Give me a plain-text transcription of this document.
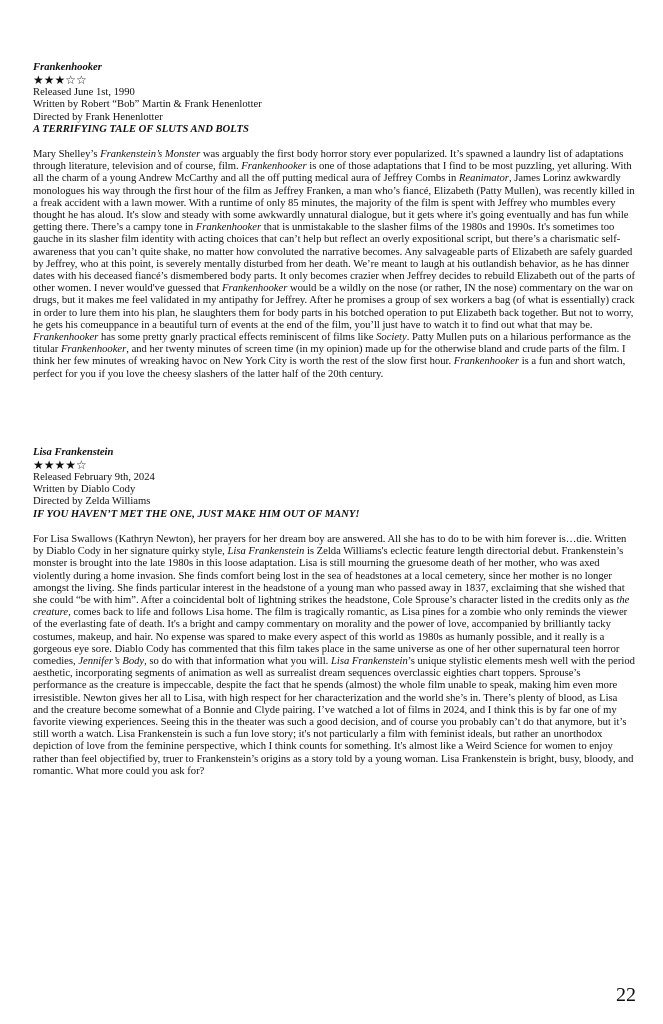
Frankenhooker
★★★☆☆
Released June 1st, 1990
Written by Robert “Bob” Martin & Frank Henenlotter
Directed by Frank Henenlotter
A TERRIFYING TALE OF SLUTS AND BOLTS

Mary Shelley’s Frankenstein’s Monster was arguably the first body horror story ever popularized. It’s spawned a laundry list of adaptations through literature, television and of course, film. Frankenhooker is one of those adaptations that I find to be most puzzling, yet alluring. With all the charm of a young Andrew McCarthy and all the off putting medical aura of Jeffrey Combs in Reanimator, James Lorinz awkwardly monologues his way through the first hour of the film as Jeffrey Franken, a man who’s fiancé, Elizabeth (Patty Mullen), was recently killed in a freak accident with a lawn mower. With a runtime of only 85 minutes, the majority of the film is spent with Jeffrey who mumbles every thought he has aloud. It's slow and steady with some awkwardly unnatural dialogue, but it gets where it's going eventually and has fun while getting there. There’s a campy tone in Frankenhooker that is unmistakable to the slasher films of the 1980s and 1990s. It's sometimes too gauche in its slasher film identity with acting choices that can’t help but reflect an overly expositional script, but there’s a charismatic self-awareness that you can’t quite shake, no matter how convoluted the narrative becomes. Any salvageable parts of Elizabeth are safely guarded by Jeffrey, who at this point, is severely mentally disturbed from her death. We’re meant to laugh at his outlandish behavior, as he has dinner dates with his deceased fiancé’s dismembered body parts. It only becomes crazier when Jeffrey decides to rebuild Elizabeth out of the parts of other women. I never would've guessed that Frankenhooker would be a wildly on the nose (or rather, IN the nose) commentary on the war on drugs, but it makes me feel validated in my antipathy for Jeffrey. After he promises a group of sex workers a bag (of what is essentially) crack in order to lure them into his plan, he slaughters them for body parts in his botched operation to put Elizabeth back together. But not to worry, he gets his comeuppance in a beautiful turn of events at the end of the film, you’ll just have to watch it to find out what that may be. Frankenhooker has some pretty gnarly practical effects reminiscent of films like Society. Patty Mullen puts on a hilarious performance as the titular Frankenhooker, and her twenty minutes of screen time (in my opinion) made up for the otherwise bland and crude parts of the film. I think her few minutes of wreaking havoc on New York City is worth the rest of the slow first hour. Frankenhooker is a fun and short watch, perfect for you if you love the cheesy slashers of the latter half of the 20th century.

Lisa Frankenstein
★★★★☆
Released February 9th, 2024
Written by Diablo Cody
Directed by Zelda Williams
IF YOU HAVEN’T MET THE ONE, JUST MAKE HIM OUT OF MANY!

For Lisa Swallows (Kathryn Newton), her prayers for her dream boy are answered. All she has to do to be with him forever is…die. Written by Diablo Cody in her signature quirky style, Lisa Frankenstein is Zelda Williams's eclectic feature length directorial debut. Frankenstein’s monster is brought into the late 1980s in this loose adaptation. Lisa is still mourning the gruesome death of her mother, who was axed violently during a home invasion. She finds comfort being lost in the sea of headstones at a local cemetery, since her mother is no longer amongst the living. She finds particular interest in the headstone of a young man who passed away in 1837, exclaiming that she wished that she could “be with him”. After a coincidental bolt of lightning strikes the headstone, Cole Sprouse’s character listed in the credits only as the creature, comes back to life and follows Lisa home. The film is tragically romantic, as Lisa pines for a zombie who only reminds the viewer of the everlasting fate of death. It's a bright and campy commentary on morality and the power of love, accompanied by brilliantly tacky costumes, makeup, and hair. No expense was spared to make every aspect of this world as 1980s as humanly possible, and it really is a gorgeous eye sore. Diablo Cody has commented that this film takes place in the same universe as one of her other supernatural teen horror comedies, Jennifer’s Body, so do with that information what you will. Lisa Frankenstein’s unique stylistic elements mesh well with the period aesthetic, incorporating segments of animation as well as surrealist dream sequences overclassic eighties chart toppers. Sprouse’s performance as the creature is impeccable, despite the fact that he spends (almost) the whole film unable to speak, making him even more irresistible. Newton gives her all to Lisa, with high respect for her characterization and the world she’s in. There’s plenty of blood, as Lisa and the creature become somewhat of a Bonnie and Clyde pairing. I’ve watched a lot of films in 2024, and I think this is by far one of my favorite viewing experiences. Seeing this in the theater was such a good decision, and of course you probably can’t do that anymore, but it’s still worth a watch. Lisa Frankenstein is such a fun love story; it's not particularly a film with feminist ideals, but rather an unorthodox depiction of love from the feminine perspective, which I think counts for something. It's almost like a Weird Science for women to enjoy rather than feel objectified by, truer to Frankenstein’s origins as a story told by a young woman. Lisa Frankenstein is bright, busy, bloody, and romantic. What more could you ask for?

22
